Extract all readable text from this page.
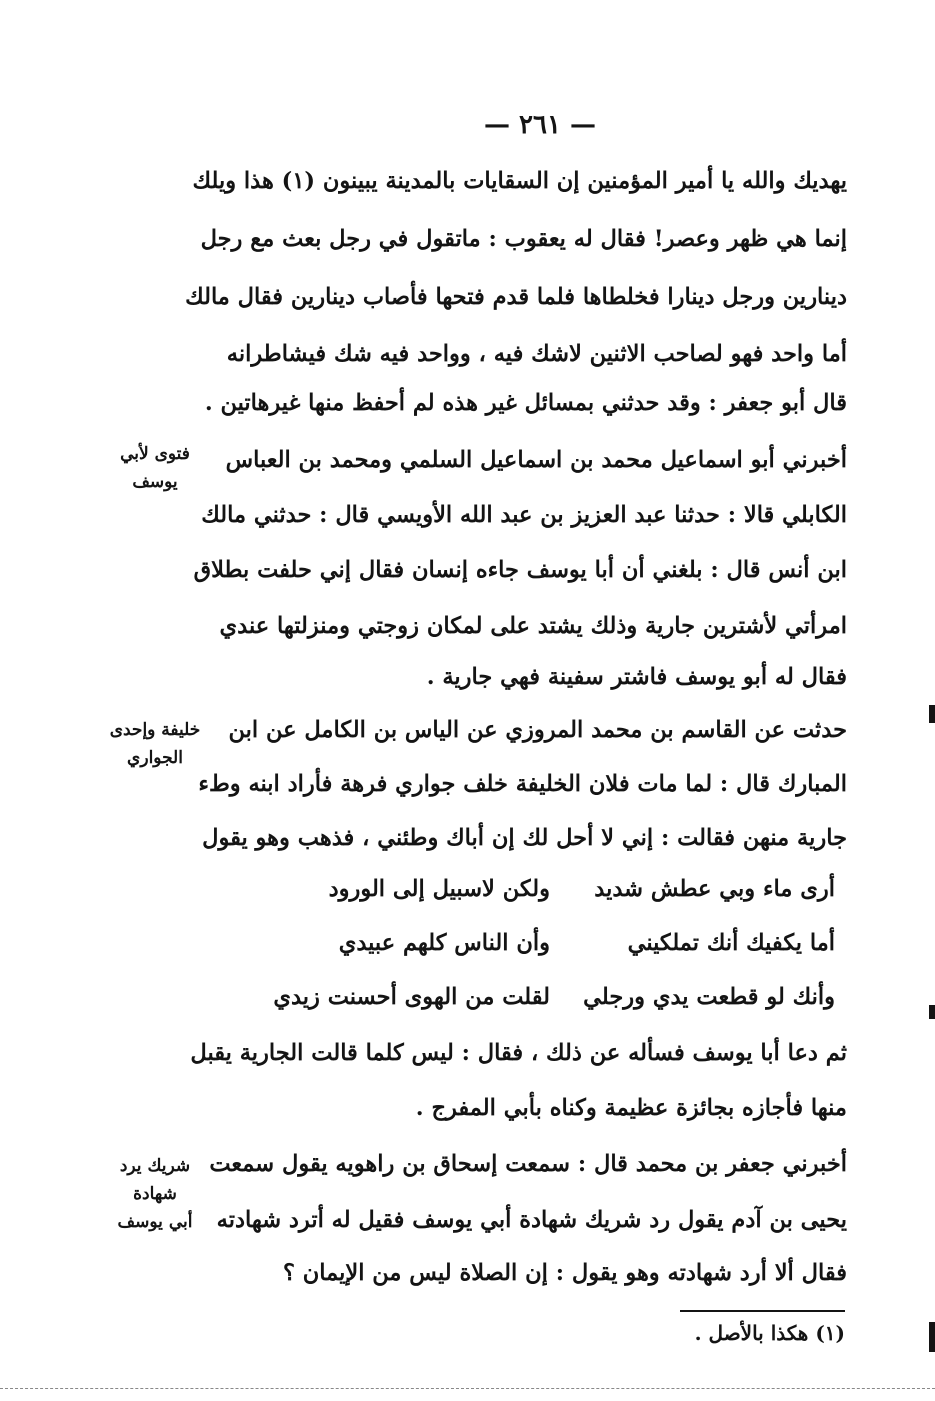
— ٢٦١ —
يهديك والله يا أمير المؤمنين إن السقايات بالمدينة يبينون (١) هذا ويلك
إنما هي ظهر وعصر! فقال له يعقوب : ماتقول في رجل بعث مع رجل
دينارين ورجل دينارا فخلطاها فلما قدم فتحها فأصاب دينارين فقال مالك
أما واحد فهو لصاحب الاثنين لاشك فيه ، وواحد فيه شك فيشاطرانه
قال أبو جعفر : وقد حدثني بمسائل غير هذه لم أحفظ منها غيرهاتين .
أخبرني أبو اسماعيل محمد بن اسماعيل السلمي ومحمد بن العباس
الكابلي قالا : حدثنا عبد العزيز بن عبد الله الأويسي قال : حدثني مالك
ابن أنس قال : بلغني أن أبا يوسف جاءه إنسان فقال إني حلفت بطلاق
امرأتي لأشترين جارية وذلك يشتد على لمكان زوجتي ومنزلتها عندي
فقال له أبو يوسف فاشتر سفينة فهي جارية .
حدثت عن القاسم بن محمد المروزي عن الياس بن الكامل عن ابن
المبارك قال : لما مات فلان الخليفة خلف جواري فرهة فأراد ابنه وطء
جارية منهن فقالت : إني لا أحل لك إن أباك وطئني ، فذهب وهو يقول
أرى ماء وبي عطش شديد
ولكن لاسبيل إلى الورود
أما يكفيك أنك تملكيني
وأن الناس كلهم عبيدي
وأنك لو قطعت يدي ورجلي
لقلت من الهوى أحسنت زيدي
ثم دعا أبا يوسف فسأله عن ذلك ، فقال : ليس كلما قالت الجارية يقبل
منها فأجازه بجائزة عظيمة وكناه بأبي المفرج .
أخبرني جعفر بن محمد قال : سمعت إسحاق بن راهويه يقول سمعت
يحيى بن آدم يقول رد شريك شهادة أبي يوسف فقيل له أترد شهادته
فقال ألا أرد شهادته وهو يقول : إن الصلاة ليس من الإيمان ؟
فتوى لأبي
يوسف
خليفة وإحدى
الجواري
شريك يرد
شهادة
أبي يوسف
(١) هكذا بالأصل .
